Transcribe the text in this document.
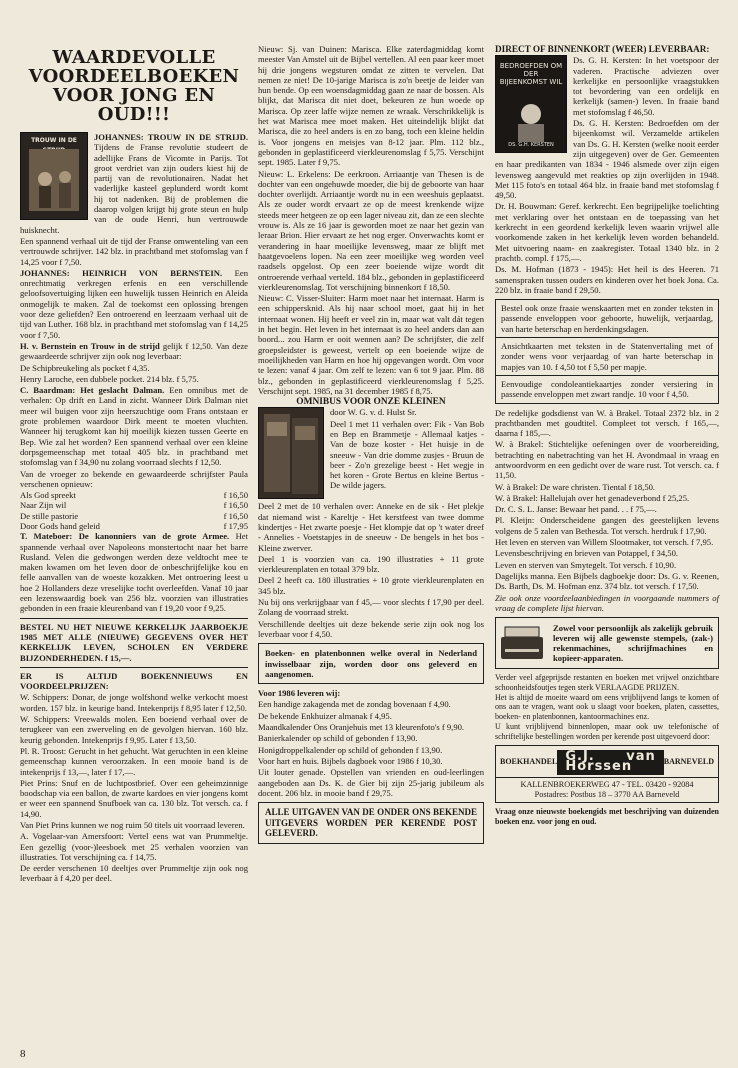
WAARDEVOLLE VOORDEELBOEKEN VOOR JONG EN OUD!!!
TROUW IN DE	JOHANNES: TROUW IN DE STRIJD. Tijdens de Franse revolutie studeert de adellijke Frans de Vicomte in Parijs. Tot groot verdriet van zijn ouders kiest hij de partij van de revolutionairen. Nadat het vaderlijke kasteel geplunderd wordt komt hij tot nadenken. Bij de problemen die daarop volgen krijgt hij grote steun en hulp van de oude Henri, hun vertrouwde huisknecht.

Een spannend verhaal uit de tijd der Franse omwenteling van een vertrouwde schrijver. 142 blz. in prachtband met stofomslag van f 14,25 voor f 7,50.

JOHANNES: HEINRICH VON BERNSTEIN. Een onrechtmatig verkregen erfenis en een verschillende geloofsovertuiging lijken een huwelijk tussen Heinrich en Aleida onmogelijk te maken. Zal de toekomst een oplossing brengen voor deze geliefden? Een ontroerend en leerzaam verhaal uit de tijd van Luther. 168 blz. in prachtband met stofomslag van f 14,25 voor f 7,50.

H. v. Bernstein en Trouw in de strijd gelijk f 12,50. Van deze gewaardeerde schrijver zijn ook nog leverbaar:

De Schipbreukeling als pocket f 4,35.

Henry Laroche, een dubbele pocket. 214 blz. f 5,75.

C. Baardman: Het geslacht Dalman. Een omnibus met de verhalen: Op drift en Land in zicht. Wanneer Dirk Dalman niet meer wil buigen voor zijn heerszuchtige oom Frans ontstaan er grote problemen waardoor Dirk meent te moeten vluchten. Wanneer hij terugkomt kan hij moeilijk kiezen tussen Geerte en Bep. Wie zal het worden? Een spannend verhaal over een kleine dorpsgemeenschap met totaal 405 blz. in prachtband met stofomslag van f 34,90 nu zolang voorraad slechts f 12,50.

Van de vroeger zo bekende en gewaardeerde schrijfster Paula verschenen opnieuw:

Als God spreekt	f 16,50
Naar Zijn wil	f 16,50
De stille pastorie	f 16,50
Door Gods hand geleid	f 17,95

T. Mateboer: De kanonniers van de grote Armee. Het spannende verhaal over Napoleons monstertocht naar het barre Rusland. Velen die gedwongen werden deze veldtocht mee te maken kwamen om het leven door de onbeschrijfelijke kou en felle aanvallen van de woeste kozakken. Met ontroering leest u hoe 2 Hollanders deze vreselijke tocht overleefden. Vanaf 10 jaar een lezenswaardig boek van 256 blz. voorzien van illustraties gebonden in een fraaie kleurenband van f 19,20 voor f 9,25.

BESTEL NU HET NIEUWE KERKELIJK JAARBOEKJE 1985 MET ALLE (NIEUWE) GEGEVENS OVER HET KERKELIJK LEVEN, SCHOLEN EN VERDERE BIJZONDERHEDEN. f 15,—.

ER IS ALTIJD BOEKENNIEUWS EN VOORDEELPRIJZEN:

W. Schippers: Donar, de jonge wolfshond welke verkocht moest worden. 157 blz. in keurige band. Intekenprijs f 8,95 later f 12,50.

W. Schippers: Vreewalds molen. Een boeiend verhaal over de terugkeer van een zwerveling en de gevolgen hiervan. 160 blz. keurig gebonden. Intekenprijs f 9,95. Later f 13,50.

Pl. R. Troost: Gerucht in het gehucht. Wat geruchten in een kleine gemeenschap kunnen veroorzaken. In een mooie band is de intekenprijs f 13,—, later f 17,—.

Piet Prins: Snuf en de luchtpostbrief. Over een geheimzinnige boodschap via een ballon, de zwarte kardoes en vier jongens komt er weer een spannend Snufboek van ca. 130 blz. Tot versch. ca. f 14,90.

Van Piet Prins kunnen we nog ruim 50 titels uit voorraad leveren.

A. Vogelaar-van Amersfoort: Vertel eens wat van Prummeltje. Een gezellig (voor-)leesboek met 25 verhalen voorzien van illustraties. Tot verschijning ca. f 14,75.

De eerder verschenen 10 deeltjes over Prummeltje zijn ook nog leverbaar à f 4,20 per deel.

Nieuw: Sj. van Duinen: Marisca. Elke zaterdagmiddag komt meester Van Amstel uit de Bijbel vertellen. Al een paar keer moet hij drie jongens wegsturen omdat ze zitten te vervelen. Dat nemen ze niet! De 10-jarige Marisca is zo'n beetje de leider van hun bende. Op een woensdagmiddag gaan ze naar de bossen. Als blijkt, dat Marisca dit niet doet, bekeuren ze hun woede op Marisca. Op zeer laffe wijze nemen ze wraak. Verschrikkelijk is het wat Marisca mee moet maken. Het uiteindelijk blijkt dat Marisca, die zo heel anders is en zo bang, toch een kleine heldin is. Voor jongens en meisjes van 8-12 jaar. Plm. 112 blz., gebonden in geplastificeerd vierkleurenomslag f 5,75. Verschijnt sept. 1985. Later f 9,75.

Nieuw: L. Erkelens: De eerkroon. Arriaantje van Thesen is de dochter van een ongehuwde moeder, die bij de geboorte van haar dochter overlijdt. Arriaantje wordt nu in een weeshuis geplaatst. Als ze ouder wordt ervaart ze op de meest krenkende wijze steeds meer hetgeen ze op een lager niveau zit, dan ze een slechte vrouw is. Als ze 16 jaar is geworden moet ze naar het gezin van leraar Brion. Hier ervaart ze het nog erger. Onverwachts komt er verandering in haar moeilijke levensweg, maar ze blijft met haatgevoelens lopen. Na een zeer moeilijke weg worden veel raadsels opgelost. Op een zeer boeiende wijze wordt dit ontroerende verhaal verteld. 184 blz., gebonden in geplastificeerd vierkleurenomslag. Tot verschijning binnenkort f 18,50.

Nieuw: C. Visser-Sluiter: Harm moet naar het internaat. Harm is een schippersknid. Als hij naar school moet, gaat hij in het internaat wonen. Hij heeft er veel zin in, maar wat valt dát tegen in het begin. Het leven in het internaat is zo heel anders dan aan boord... zou Harm er ooit wennen aan? De schrijfster, die zelf groepsleidster is geweest, vertelt op een boeiende wijze de moeilijkheden van Harm en hoe hij opgevangen wordt. Om voor te lezen: vanaf 4 jaar. Om zelf te lezen: van 6 tot 9 jaar. Plm. 88 blz., gebonden in geplastificeerd vierkleurenomslag f 5,25. Verschijnt sept. 1985, na 31 december 1985 f 8,75.

OMNIBUS VOOR ONZE KLEINEN

door W. G. v. d. Hulst Sr.

Deel 1 met 11 verhalen over: Fik - Van Bob en Bep en Brammetje - Allemaal katjes - Van de boze koster - Het huisje in de sneeuw - Van drie domme zusjes - Bruun de beer - Zo'n grezelige beest - Het wegje in het koren - Grote Bertus en kleine Bertus - De wilde jagers.

Deel 2 met de 10 verhalen over: Anneke en de sik - Het plekje dat niemand wist - Kareltje - Het kerstfeest van twee domme kindertjes - Het zwarte poesje - Het klompje dat op 't water dreef - Annelies - Voetstapjes in de sneeuw - De bengels in het bos - Kleine zwerver.

Deel 1 is voorzien van ca. 190 illustraties + 11 grote vierkleurenplaten en totaal 379 blz.

Deel 2 heeft ca. 180 illustraties + 10 grote vierkleurenplaten en 345 blz.

Nu bij ons verkrijgbaar van f 45,— voor slechts f 17,90 per deel. Zolang de voorraad strekt.

Verschillende deeltjes uit deze bekende serie zijn ook nog los leverbaar voor f 4,50.

Boeken- en platenbonnen welke overal in Nederland inwisselbaar zijn, worden door ons geleverd en aangenomen.

Voor 1986 leveren wij:

Een handige zakagenda met de zondag bovenaan f 4,90.

De bekende Enkhuizer almanak f 4,95.

Maandkalender Ons Oranjehuis met 13 kleurenfoto's f 9,90.

Banierkalender op schild of gebonden f 13,90.

Honigdroppelkalender op schild of gebonden f 13,90.

Voor hart en huis. Bijbels dagboek voor 1986 f 10,30.

Uit louter genade. Opstellen van vrienden en oud-leerlingen aangeboden aan Ds. K. de Gier bij zijn 25-jarig jubileum als docent. 206 blz. in mooie band f 29,75.

ALLE UITGAVEN VAN DE ONDER ONS BEKENDE UITGEVERS WORDEN PER KERENDE POST GELEVERD.

DIRECT OF BINNENKORT (WEER) LEVERBAAR:

BEDROEFDEN OM DER BIJEENKOMST WIL
DS. G.H. KERSTEN

Ds. G. H. Kersten: In het voetspoor der vaderen. Practische adviezen over kerkelijke en persoonlijke vraagstukken tot bevordering van een ordelijk en kerkelijk (samen-) leven. In fraaie band met stofomslag f 46,50.

Ds. G. H. Kersten: Bedroefden om der bijeenkomst wil. Verzamelde artikelen van Ds. G. H. Kersten (welke nooit eerder zijn uitgegeven) over de Ger. Gemeenten en haar predikanten van 1834 - 1946 alsmede over zijn eigen levensweg aangevuld met reakties op zijn overlijden in 1948. Met 115 foto's en totaal 464 blz. in fraaie band met stofomslag f 49,50.

Dr. H. Bouwman: Geref. kerkrecht. Een begrijpelijke toelichting met verklaring over het ontstaan en de toepassing van het kerkrecht in een geordend kerkelijk leven waarin vrijwel alle voorkomende zaken in het kerkelijk leven worden behandeld. Met uitvoering naam- en zaakregister. Totaal 1340 blz. in 2 prachtb. compl. f 175,—.

Ds. M. Hofman (1873 - 1945): Het heil is des Heeren. 71 samenspraken tussen ouders en kinderen over het boek Jona. Ca. 220 blz. in fraaie band f 29,50.

Bestel ook onze fraaie wenskaarten met en zonder teksten in passende enveloppen voor geboorte, huwelijk, verjaardag, van harte beterschap en herdenkingsdagen.

Ansichtkaarten met teksten in de Statenvertaling met of zonder wens voor verjaardag of van harte beterschap in mapjes van 10. f 4,50 tot f 5,50 per mapje.

Eenvoudige condoleantiekaartjes zonder versiering in passende enveloppen met zwart randje. 10 voor f 4,50.

De redelijke godsdienst van W. à Brakel. Totaal 2372 blz. in 2 prachtbanden met goudtitel. Compleet tot versch. f 165,—, daarna f 185,—.

W. à Brakel: Stichtelijke oefeningen over de voorbereiding, betrachting en nabetrachting van het H. Avondmaal in vraag en antwoordvorm en een gedicht over de ware rust. Tot versch. ca. f 11,50.

W. à Brakel: De ware christen. Tiental f 18,50.

W. à Brakel: Hallelujah over het genadeverbond f 25,25.

Dr. C. S. L. Janse: Bewaar het pand. . . f 75,—.

Pl. Kleijn: Onderscheidene gangen des geestelijken levens volgens de 5 zalen van Bethesda. Tot versch. herdruk f 17,90.

Het leven en sterven van Willem Slootmaker, tot versch. f 7,95.

Levensbeschrijving en brieven van Potappel, f 34,50.

Leven en sterven van Smytegelt. Tot versch. f 10,90.

Dagelijks manna. Een Bijbels dagboekje door: Ds. G. v. Reenen, Ds. Barth, Ds. M. Hofman enz. 374 blz. tot versch. f 17,50.

Zie ook onze voordeelaanbiedingen in voorgaande nummers of vraag de complete lijst hiervan.

Zowel voor persoonlijk als zakelijk gebruik leveren wij alle gewenste stempels, (zak-) rekenmachines, schrijfmachines en kopieer-apparaten.

Verder veel afgeprijsde restanten en boeken met vrijwel onzichtbare schoonheidsfoutjes tegen sterk VERLAAGDE PRIJZEN.

Het is altijd de moeite waard om eens vrijblijvend langs te komen of ons aan te vragen, want ook u slaagt voor boeken, platen, cassettes, boeken- en platenbonnen, kantoormachines enz.

U kunt vrijblijvend binnenlopen, maar ook uw telefonische of schriftelijke bestellingen worden per kerende post uitgevoerd door:

BOEKHANDEL G.J. van Horssen	BARNEVELD
KALLENBROEKERWEG 47 - TEL. 03420 - 92084
Postadres: Postbus 18 – 3770 AA Barneveld

Vraag onze nieuwste boekengids met beschrijving van duizenden boeken enz. voor jong en oud.

8
